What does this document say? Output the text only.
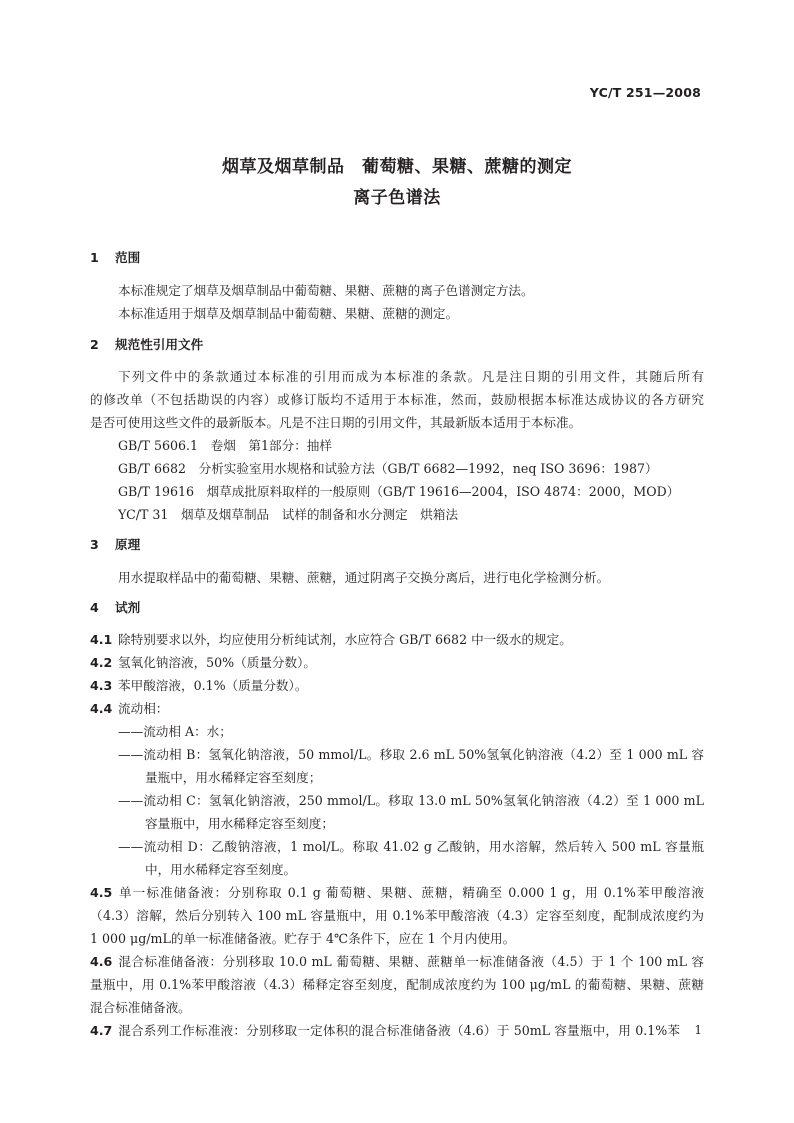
YC/T 251—2008
烟草及烟草制品　葡萄糖、果糖、蔗糖的测定
离子色谱法
1 范围
本标准规定了烟草及烟草制品中葡萄糖、果糖、蔗糖的离子色谱测定方法。
本标准适用于烟草及烟草制品中葡萄糖、果糖、蔗糖的测定。
2 规范性引用文件
下列文件中的条款通过本标准的引用而成为本标准的条款。凡是注日期的引用文件，其随后所有
的修改单（不包括勘误的内容）或修订版均不适用于本标准，然而，鼓励根据本标准达成协议的各方研究
是否可使用这些文件的最新版本。凡是不注日期的引用文件，其最新版本适用于本标准。
GB/T 5606.1　卷烟　第1部分：抽样
GB/T 6682　分析实验室用水规格和试验方法（GB/T 6682—1992，neq ISO 3696：1987）
GB/T 19616　烟草成批原料取样的一般原则（GB/T 19616—2004，ISO 4874：2000，MOD）
YC/T 31　烟草及烟草制品　试样的制备和水分测定　烘箱法
3 原理
用水提取样品中的葡萄糖、果糖、蔗糖，通过阴离子交换分离后，进行电化学检测分析。
4 试剂
4.1 除特别要求以外，均应使用分析纯试剂，水应符合 GB/T 6682 中一级水的规定。
4.2 氢氧化钠溶液，50%（质量分数）。
4.3 苯甲酸溶液，0.1%（质量分数）。
4.4 流动相：
——流动相 A：水；
——流动相 B：氢氧化钠溶液，50 mmol/L。移取 2.6 mL 50%氢氧化钠溶液（4.2）至 1 000 mL 容
量瓶中，用水稀释定容至刻度；
——流动相 C：氢氧化钠溶液，250 mmol/L。移取 13.0 mL 50%氢氧化钠溶液（4.2）至 1 000 mL
容量瓶中，用水稀释定容至刻度；
——流动相 D：乙酸钠溶液，1 mol/L。称取 41.02 g 乙酸钠，用水溶解，然后转入 500 mL 容量瓶
中，用水稀释定容至刻度。
4.5 单一标准储备液：分别称取 0.1 g 葡萄糖、果糖、蔗糖，精确至 0.000 1 g，用 0.1%苯甲酸溶液
（4.3）溶解，然后分别转入 100 mL 容量瓶中，用 0.1%苯甲酸溶液（4.3）定容至刻度，配制成浓度约为
1 000 μg/mL的单一标准储备液。贮存于 4℃条件下，应在 1 个月内使用。
4.6 混合标准储备液：分别移取 10.0 mL 葡萄糖、果糖、蔗糖单一标准储备液（4.5）于 1 个 100 mL 容
量瓶中，用 0.1%苯甲酸溶液（4.3）稀释定容至刻度，配制成浓度约为 100 μg/mL 的葡萄糖、果糖、蔗糖
混合标准储备液。
4.7 混合系列工作标准液：分别移取一定体积的混合标准储备液（4.6）于 50mL 容量瓶中，用 0.1%苯 1
